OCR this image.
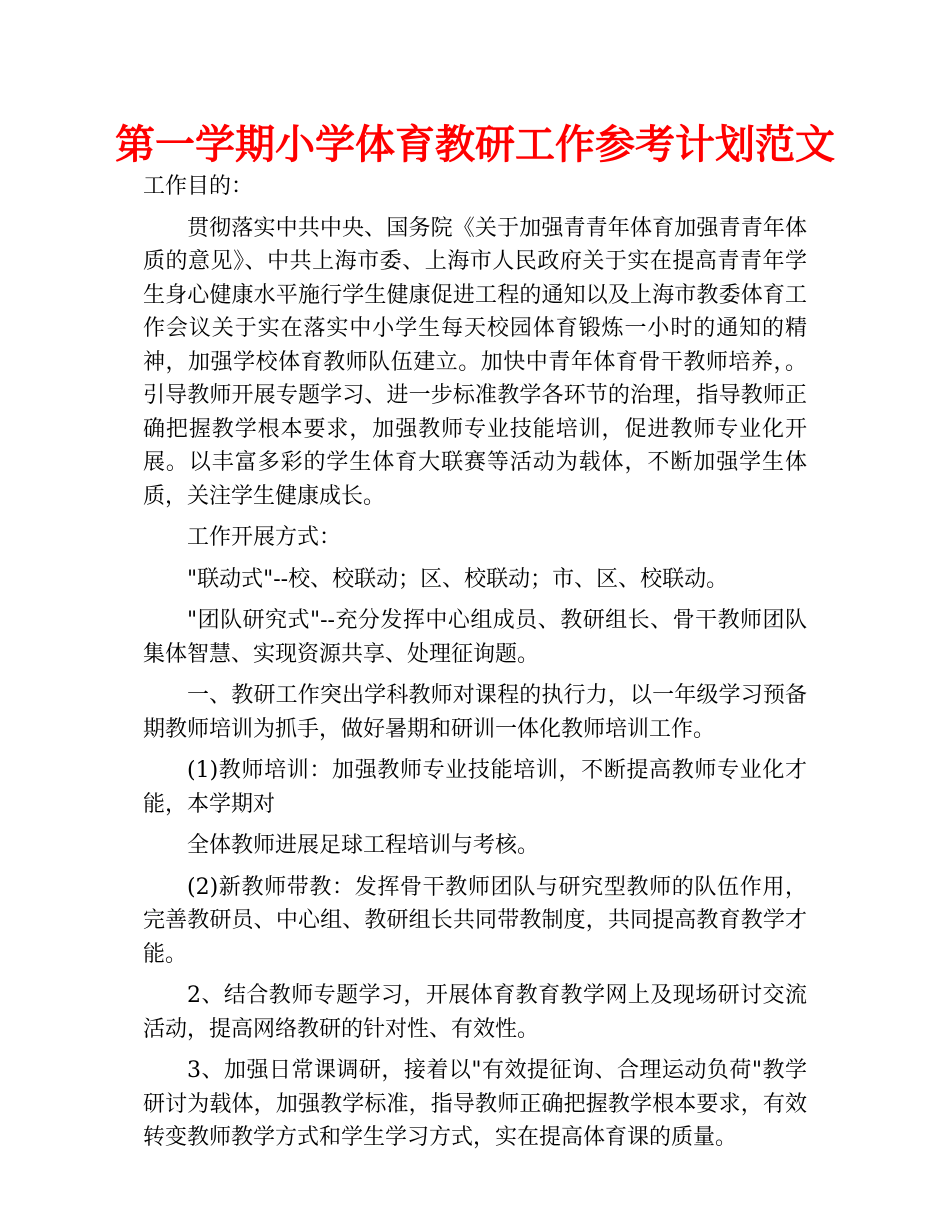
第一学期小学体育教研工作参考计划范文

工作目的：

贯彻落实中共中央、国务院《关于加强青青年体育加强青青年体质的意见》、中共上海市委、上海市人民政府关于实在提高青青年学生身心健康水平施行学生健康促进工程的通知以及上海市教委体育工作会议关于实在落实中小学生每天校园体育锻炼一小时的通知的精神，加强学校体育教师队伍建立。加快中青年体育骨干教师培养，。引导教师开展专题学习、进一步标准教学各环节的治理，指导教师正确把握教学根本要求，加强教师专业技能培训，促进教师专业化开展。以丰富多彩的学生体育大联赛等活动为载体，不断加强学生体质，关注学生健康成长。

工作开展方式：

"联动式"--校、校联动；区、校联动；市、区、校联动。

"团队研究式"--充分发挥中心组成员、教研组长、骨干教师团队集体智慧、实现资源共享、处理征询题。

一、教研工作突出学科教师对课程的执行力，以一年级学习预备期教师培训为抓手，做好暑期和研训一体化教师培训工作。

(1)教师培训：加强教师专业技能培训，不断提高教师专业化才能，本学期对

全体教师进展足球工程培训与考核。

(2)新教师带教：发挥骨干教师团队与研究型教师的队伍作用，完善教研员、中心组、教研组长共同带教制度，共同提高教育教学才能。

2、结合教师专题学习，开展体育教育教学网上及现场研讨交流活动，提高网络教研的针对性、有效性。

3、加强日常课调研，接着以"有效提征询、合理运动负荷"教学研讨为载体，加强教学标准，指导教师正确把握教学根本要求，有效转变教师教学方式和学生学习方式，实在提高体育课的质量。
